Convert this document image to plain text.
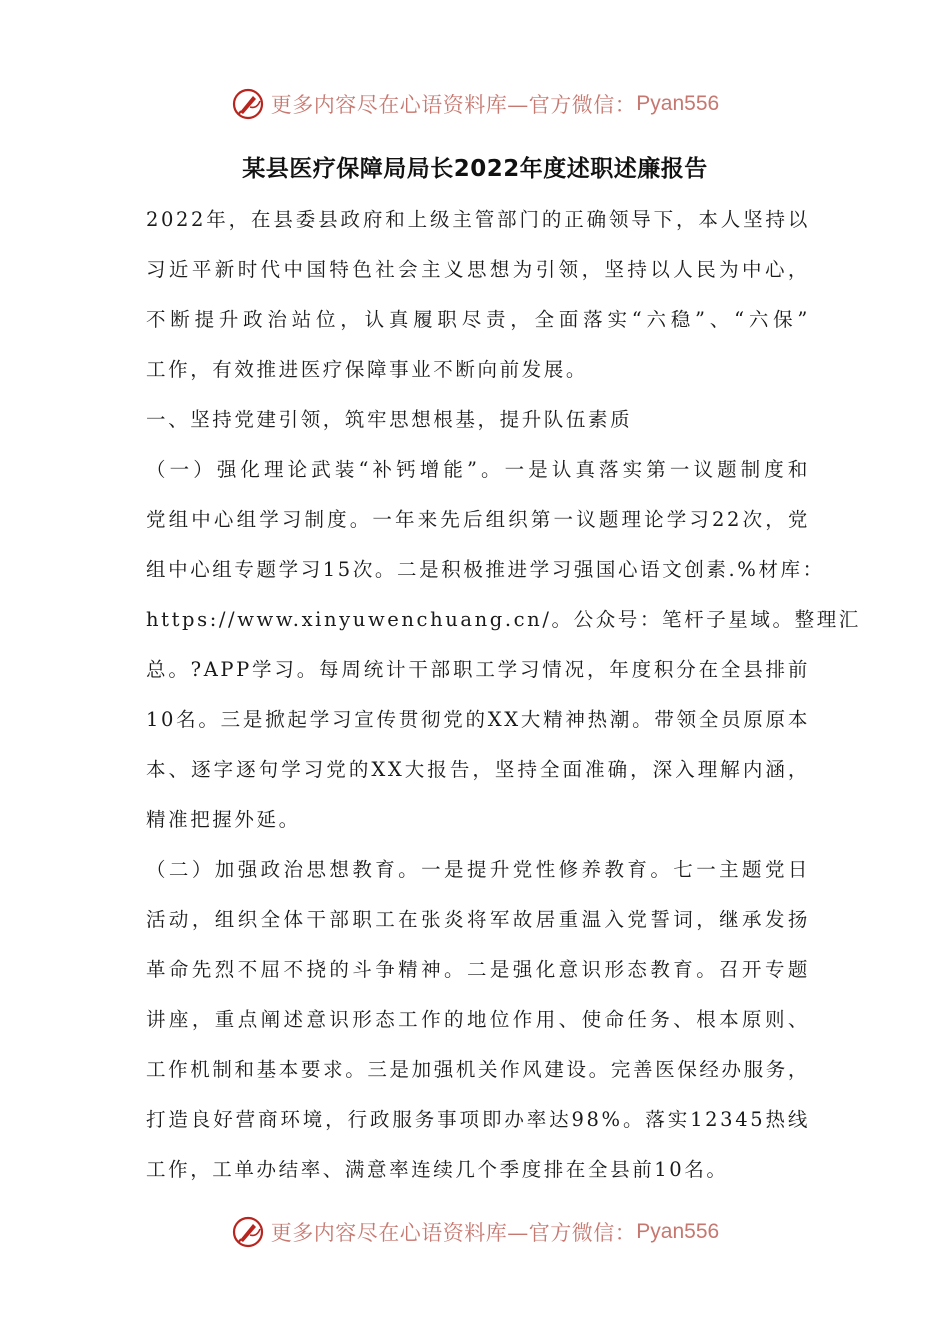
更多内容尽在心语资料库—官方微信： Pyan556
某县医疗保障局局长2022年度述职述廉报告
2022年，在县委县政府和上级主管部门的正确领导下，本人坚持以
习近平新时代中国特色社会主义思想为引领，坚持以人民为中心，
不断提升政治站位，认真履职尽责，全面落实“六稳”、“六保”
工作，有效推进医疗保障事业不断向前发展。
一、坚持党建引领，筑牢思想根基，提升队伍素质
（一）强化理论武装“补钙增能”。一是认真落实第一议题制度和
党组中心组学习制度。一年来先后组织第一议题理论学习22次，党
组中心组专题学习15次。二是积极推进学习强国心语文创素.%材库：
https://www.xinyuwenchuang.cn/。公众号：笔杆子星域。整理汇
总。?APP学习。每周统计干部职工学习情况，年度积分在全县排前
10名。三是掀起学习宣传贯彻党的XX大精神热潮。带领全员原原本
本、逐字逐句学习党的XX大报告，坚持全面准确，深入理解内涵，
精准把握外延。
（二）加强政治思想教育。一是提升党性修养教育。七一主题党日
活动，组织全体干部职工在张炎将军故居重温入党誓词，继承发扬
革命先烈不屈不挠的斗争精神。二是强化意识形态教育。召开专题
讲座，重点阐述意识形态工作的地位作用、使命任务、根本原则、
工作机制和基本要求。三是加强机关作风建设。完善医保经办服务，
打造良好营商环境，行政服务事项即办率达98%。落实12345热线
工作，工单办结率、满意率连续几个季度排在全县前10名。
更多内容尽在心语资料库—官方微信： Pyan556
